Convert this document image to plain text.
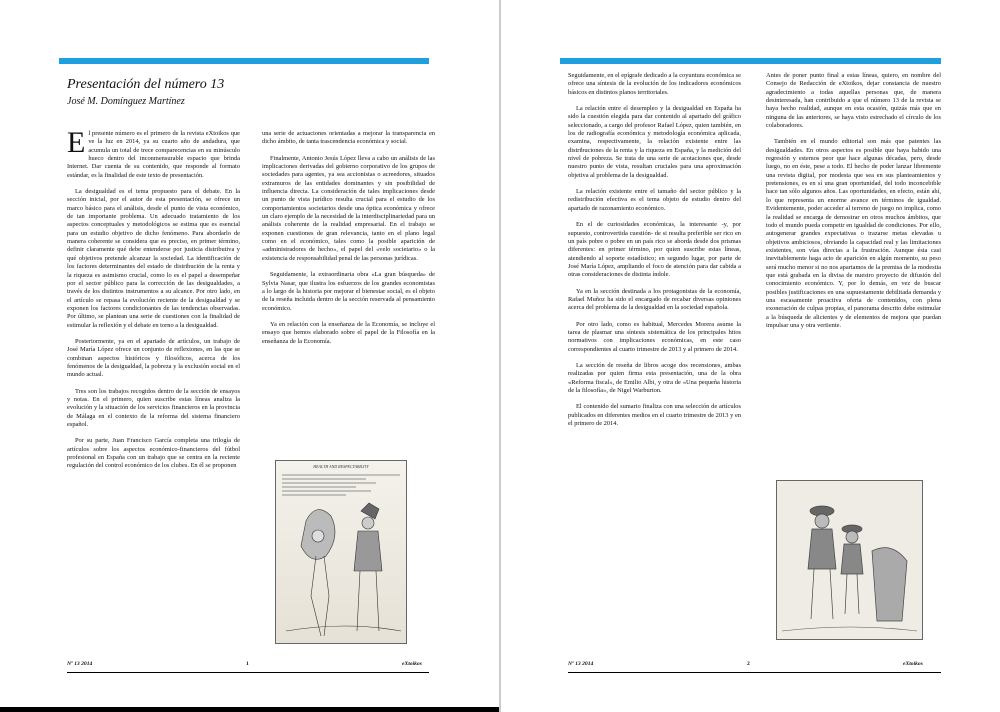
Presentación del número 13
José M. Domínguez Martínez

El presente número es el primero de la revista eXtoikos que ve la luz en 2014, ya su cuarto año de andadura, que acumula un total de trece comparecencias en su minúsculo hueco dentro del inconmensurable espacio que brinda Internet. Dar cuenta de su contenido, que responde al formato estándar, es la finalidad de este texto de presentación.

La desigualdad es el tema propuesto para el debate. En la sección inicial, por el autor de esta presentación, se ofrece un marco básico para el análisis, desde el punto de vista económico, de tan importante problema. Un adecuado tratamiento de los aspectos conceptuales y metodológicos se estima que es esencial para un estudio objetivo de dicho fenómeno. Para abordarlo de manera coherente se considera que es preciso, en primer término, definir claramente qué debe entenderse por justicia distributiva y qué objetivos pretende alcanzar la sociedad. La identificación de los factores determinantes del estado de distribución de la renta y la riqueza es asimismo crucial, como lo es el papel a desempeñar por el sector público para la corrección de las desigualdades, a través de los distintos instrumentos a su alcance. Por otro lado, en el artículo se repasa la evolución reciente de la desigualdad y se exponen los factores condicionantes de las tendencias observadas. Por último, se plantean una serie de cuestiones con la finalidad de estimular la reflexión y el debate en torno a la desigualdad.

Posteriormente, ya en el apartado de artículos, un trabajo de José María López ofrece un conjunto de reflexiones, en las que se combinan aspectos históricos y filosóficos, acerca de los fenómenos de la desigualdad, la pobreza y la exclusión social en el mundo actual.

Tres son los trabajos recogidos dentro de la sección de ensayos y notas. En el primero, quien suscribe estas líneas analiza la evolución y la situación de los servicios financieros en la provincia de Málaga en el contexto de la reforma del sistema financiero español.

Por su parte, Juan Francisco García completa una trilogía de artículos sobre los aspectos económico-financieros del fútbol profesional en España con un trabajo que se centra en la reciente regulación del control económico de los clubes. En él se proponen

una serie de actuaciones orientadas a mejorar la transparencia en dicho ámbito, de tanta trascendencia económica y social.

Finalmente, Antonio Jesús López lleva a cabo un análisis de las implicaciones derivadas del gobierno corporativo de los grupos de sociedades para agentes, ya sea accionistas o acreedores, situados extramuros de las entidades dominantes y sin posibilidad de influencia directa. La consideración de tales implicaciones desde un punto de vista jurídico resulta crucial para el estudio de los comportamientos societarios desde una óptica económica y ofrece un claro ejemplo de la necesidad de la interdisciplinariedad para un análisis coherente de la realidad empresarial. En el trabajo se exponen cuestiones de gran relevancia, tanto en el plano legal como en el económico, tales como la posible aparición de «administradores de hecho», el papel del «velo societario» o la existencia de responsabilidad penal de las personas jurídicas.

Seguidamente, la extraordinaria obra «La gran búsqueda» de Sylvia Nasar, que ilustra los esfuerzos de los grandes economistas a lo largo de la historia por mejorar el bienestar social, es el objeto de la reseña incluida dentro de la sección reservada al pensamiento económico.

Ya en relación con la enseñanza de la Economía, se incluye el ensayo que hemos elaborado sobre el papel de la Filosofía en la enseñanza de la Economía.

HEALTH AND RESPECTABILITY
Nº 13 2014	1	eXtoikos

Seguidamente, en el epígrafe dedicado a la coyuntura económica se ofrece una síntesis de la evolución de los indicadores económicos básicos en distintos planos territoriales.

La relación entre el desempleo y la desigualdad en España ha sido la cuestión elegida para dar contenido al apartado del gráfico seleccionado, a cargo del profesor Rafael López, quien también, en los de radiografía económica y metodología económica aplicada, examina, respectivamente, la relación existente entre las distribuciones de la renta y la riqueza en España, y la medición del nivel de pobreza. Se trata de una serie de acotaciones que, desde nuestro punto de vista, resultan cruciales para una aproximación objetiva al problema de la desigualdad.

La relación existente entre el tamaño del sector público y la redistribución efectiva es el tema objeto de estudio dentro del apartado de razonamiento económico.

En el de curiosidades económicas, la interesante -y, por supuesto, controvertida cuestión- de si resulta preferible ser rico en un país pobre o pobre en un país rico se aborda desde dos prismas diferentes: en primer término, por quien suscribe estas líneas, atendiendo al soporte estadístico; en segundo lugar, por parte de José María López, ampliando el foco de atención para dar cabida a otras consideraciones de distinta índole.

Ya en la sección destinada a los protagonistas de la economía, Rafael Muñoz ha sido el encargado de recabar diversas opiniones acerca del problema de la desigualdad en la sociedad española.

Por otro lado, como es habitual, Mercedes Morera asume la tarea de plasmar una síntesis sistemática de los principales hitos normativos con implicaciones económicas, en este caso correspondientes al cuarto trimestre de 2013 y al primero de 2014.

La sección de reseña de libros acoge dos recensiones, ambas realizadas por quien firma esta presentación, una de la obra «Reforma fiscal», de Emilio Albi, y otra de «Una pequeña historia de la filosofía», de Nigel Warburton.

El contenido del sumario finaliza con una selección de artículos publicados en diferentes medios en el cuarto trimestre de 2013 y en el primero de 2014.

Antes de poner punto final a estas líneas, quiero, en nombre del Consejo de Redacción de eXtoikos, dejar constancia de nuestro agradecimiento a todas aquellas personas que, de manera desinteresada, han contribuido a que el número 13 de la revista se haya hecho realidad, aunque en esta ocasión, quizás más que en ninguna de las anteriores, se haya visto estrechado el círculo de los colaboradores.

También en el mundo editorial son más que patentes las desigualdades. En otros aspectos es posible que haya habido una regresión y estemos peor que hace algunas décadas, pero, desde luego, no en éste, pese a todo. El hecho de poder lanzar libremente una revista digital, por modesta que sea en sus planteamientos y pretensiones, es en sí una gran oportunidad, del todo inconcebible hace tan sólo algunos años. Las oportunidades, en efecto, están ahí, lo que representa un enorme avance en términos de igualdad. Evidentemente, poder acceder al terreno de juego no implica, como la realidad se encarga de demostrar en otros muchos ámbitos, que todo el mundo pueda competir en igualdad de condiciones. Por ello, autogenerar grandes expectativas o trazarse metas elevadas u objetivos ambiciosos, obviando la capacidad real y las limitaciones existentes, son vías directas a la frustración. Aunque ésta casi inevitablemente haga acto de aparición en algún momento, su peso será mucho menor si no nos apartamos de la premisa de la modestia que está grabada en la divisa de nuestro proyecto de difusión del conocimiento económico. Y, por lo demás, en vez de buscar posibles justificaciones en una supuestamente debilitada demanda y una escasamente proactiva oferta de contenidos, con plena exoneración de culpas propias, el panorama descrito debe estimular a la búsqueda de alicientes y de elementos de mejora que puedan impulsar una y otra vertiente.

Nº 13 2014	2	eXtoikos
